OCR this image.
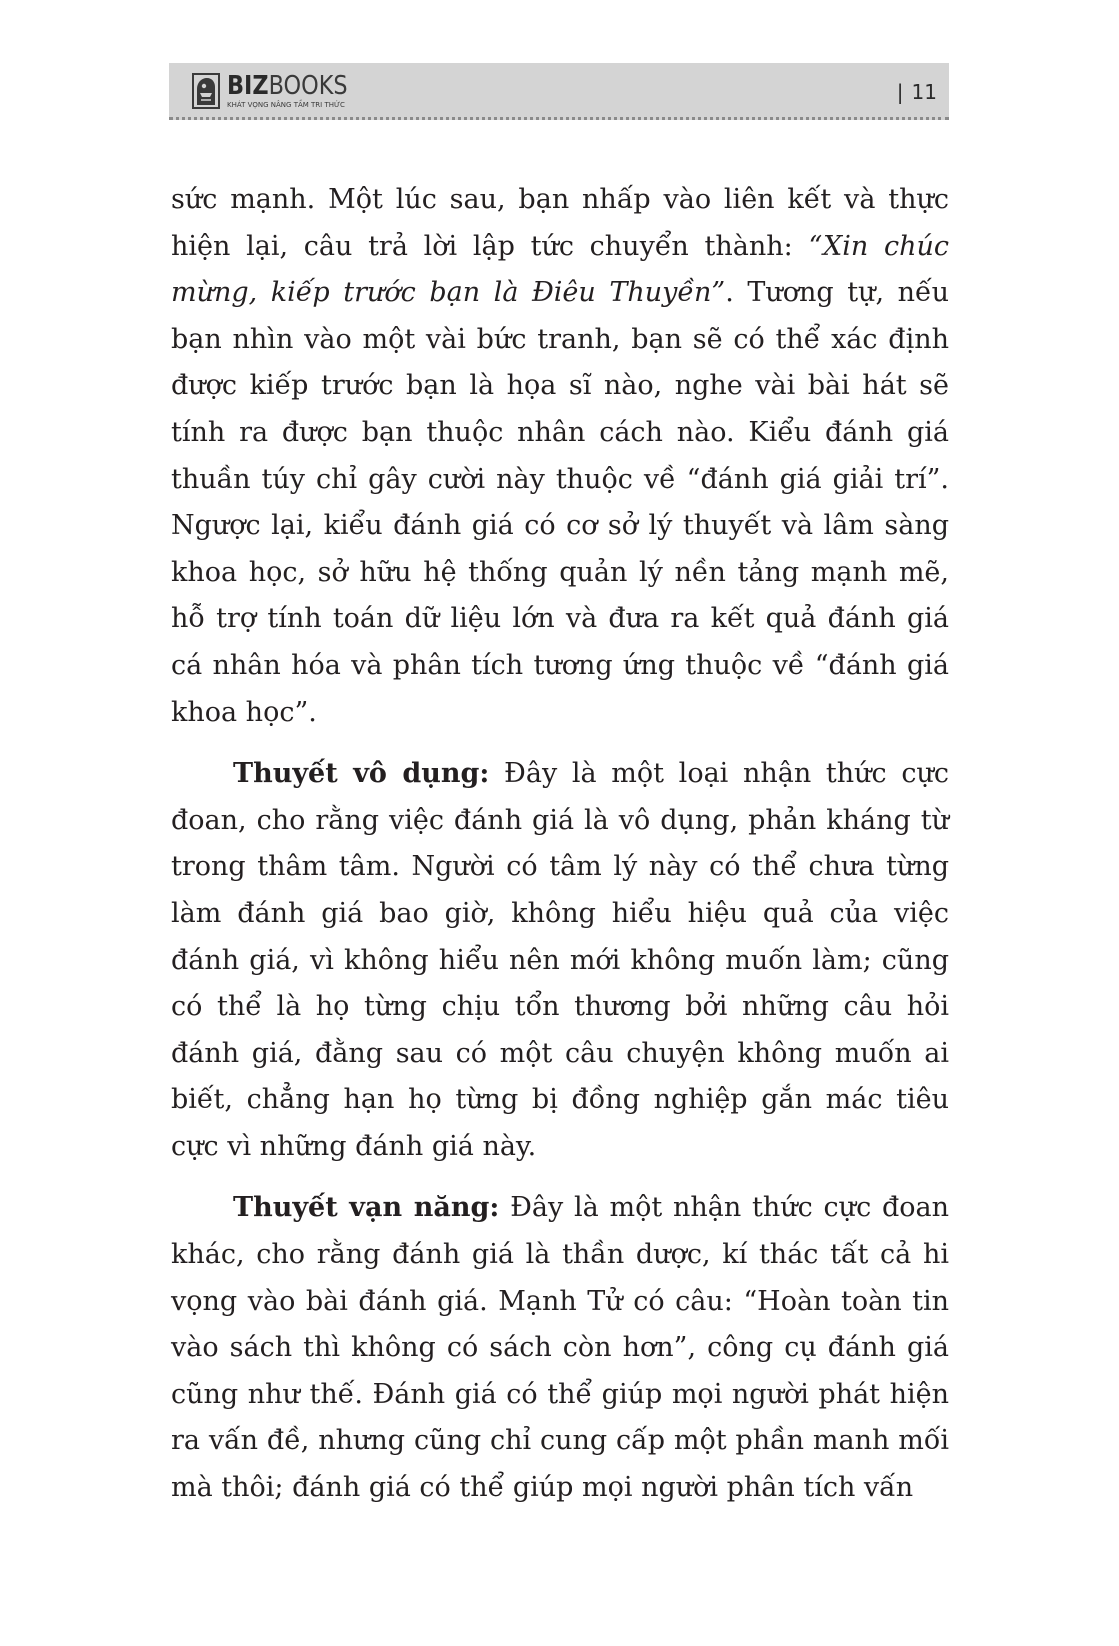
BIZBOOKS
KHÁT VỌNG NÂNG TẦM TRI THỨC
| 11

sức mạnh. Một lúc sau, bạn nhấp vào liên kết và thực hiện lại, câu trả lời lập tức chuyển thành: “Xin chúc mừng, kiếp trước bạn là Điêu Thuyền”. Tương tự, nếu bạn nhìn vào một vài bức tranh, bạn sẽ có thể xác định được kiếp trước bạn là họa sĩ nào, nghe vài bài hát sẽ tính ra được bạn thuộc nhân cách nào. Kiểu đánh giá thuần túy chỉ gây cười này thuộc về “đánh giá giải trí”. Ngược lại, kiểu đánh giá có cơ sở lý thuyết và lâm sàng khoa học, sở hữu hệ thống quản lý nền tảng mạnh mẽ, hỗ trợ tính toán dữ liệu lớn và đưa ra kết quả đánh giá cá nhân hóa và phân tích tương ứng thuộc về “đánh giá khoa học”.

Thuyết vô dụng: Đây là một loại nhận thức cực đoan, cho rằng việc đánh giá là vô dụng, phản kháng từ trong thâm tâm. Người có tâm lý này có thể chưa từng làm đánh giá bao giờ, không hiểu hiệu quả của việc đánh giá, vì không hiểu nên mới không muốn làm; cũng có thể là họ từng chịu tổn thương bởi những câu hỏi đánh giá, đằng sau có một câu chuyện không muốn ai biết, chẳng hạn họ từng bị đồng nghiệp gắn mác tiêu cực vì những đánh giá này.

Thuyết vạn năng: Đây là một nhận thức cực đoan khác, cho rằng đánh giá là thần dược, kí thác tất cả hi vọng vào bài đánh giá. Mạnh Tử có câu: “Hoàn toàn tin vào sách thì không có sách còn hơn”, công cụ đánh giá cũng như thế. Đánh giá có thể giúp mọi người phát hiện ra vấn đề, nhưng cũng chỉ cung cấp một phần manh mối mà thôi; đánh giá có thể giúp mọi người phân tích vấn
